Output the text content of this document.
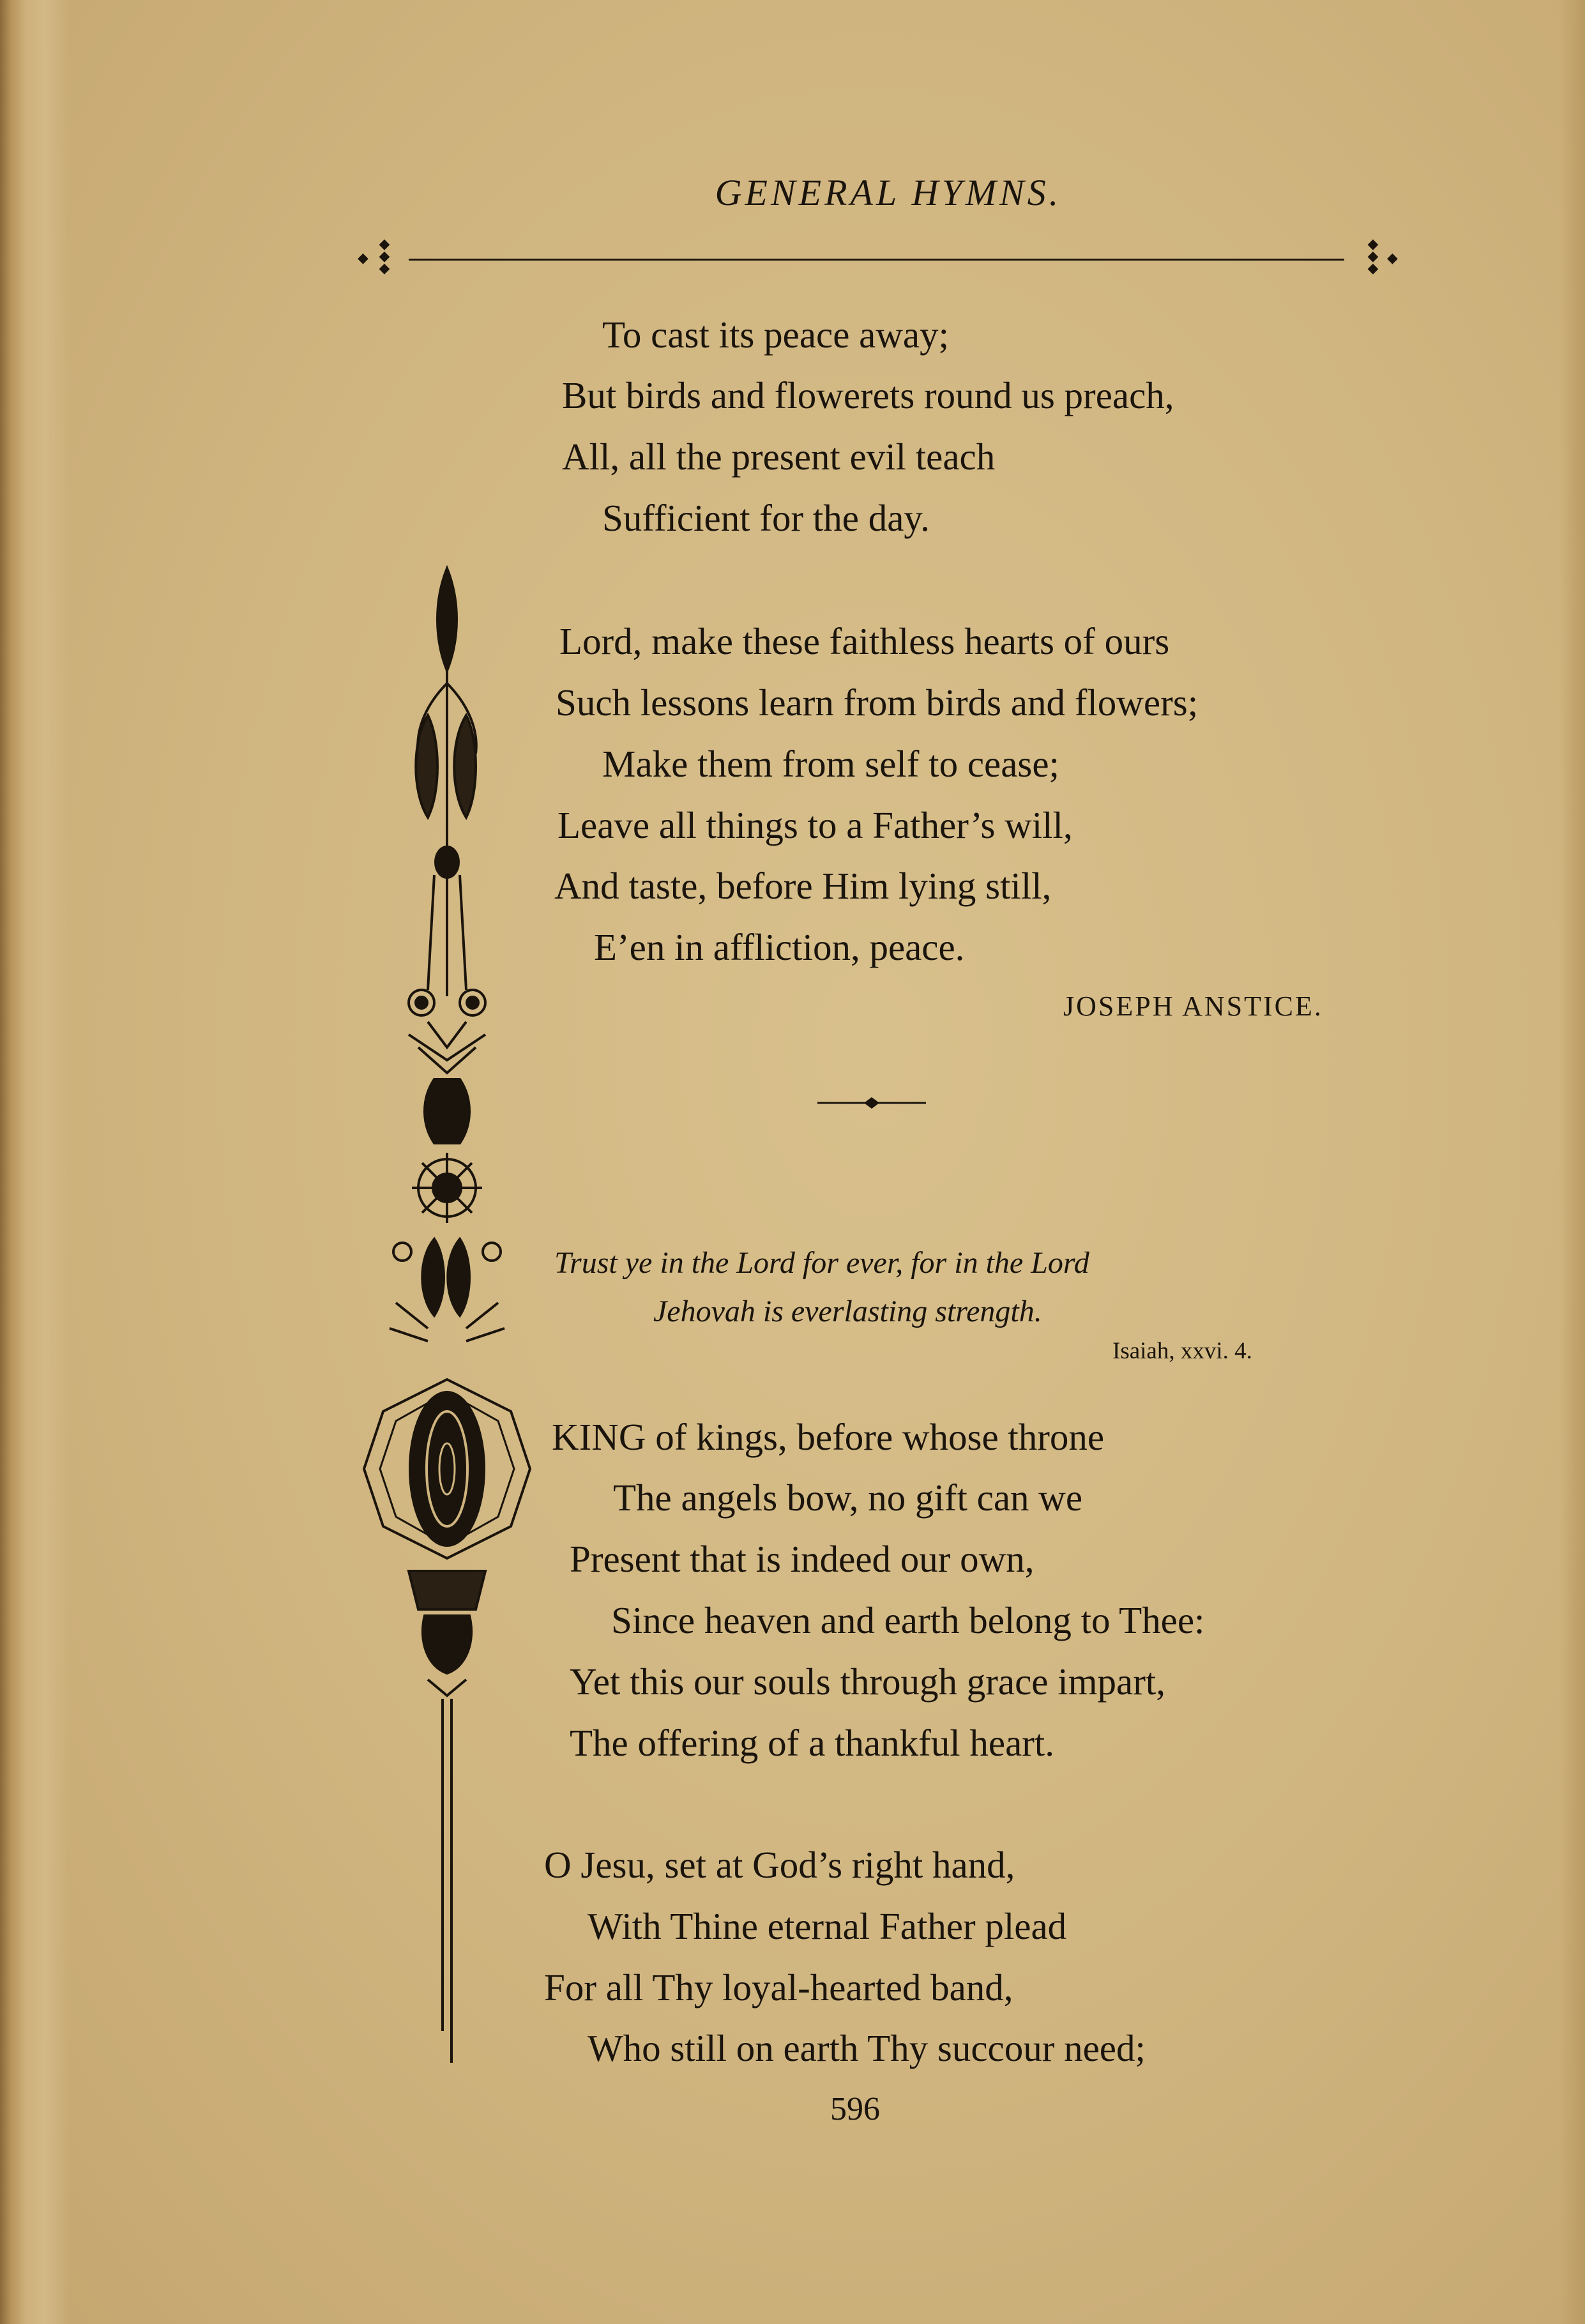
GENERAL HYMNS.
◆
◆
◆
◆
◆
◆
◆
◆
To cast its peace away;
But birds and flowerets round us preach,
All, all the present evil teach
Sufficient for the day.
Lord, make these faithless hearts of ours
Such lessons learn from birds and flowers;
Make them from self to cease;
Leave all things to a Father’s will,
And taste, before Him lying still,
E’en in affliction, peace.
JOSEPH ANSTICE.
Trust ye in the Lord for ever, for in the Lord
Jehovah is everlasting strength.
Isaiah, xxvi. 4.
KING of kings, before whose throne
The angels bow, no gift can we
Present that is indeed our own,
Since heaven and earth belong to Thee:
Yet this our souls through grace impart,
The offering of a thankful heart.
O Jesu, set at God’s right hand,
With Thine eternal Father plead
For all Thy loyal-hearted band,
Who still on earth Thy succour need;
596
